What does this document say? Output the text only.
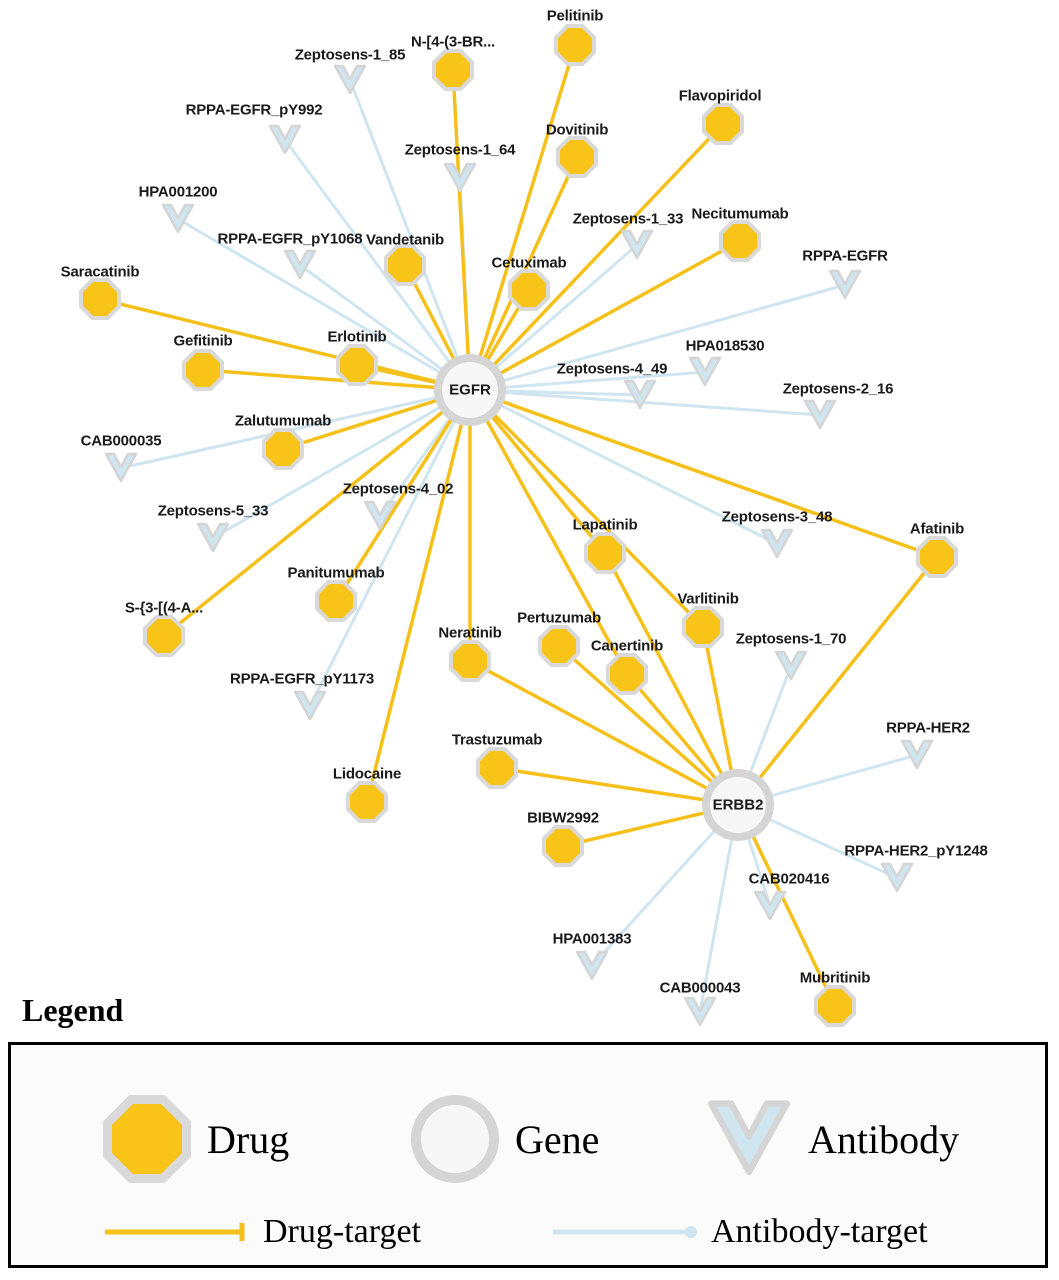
Zeptosens-1_85
RPPA-EGFR_pY992
Zeptosens-1_64
HPA001200
Zeptosens-1_33
RPPA-EGFR_pY1068
RPPA-EGFR
HPA018530
Zeptosens-4_49
Zeptosens-2_16
CAB000035
Zeptosens-4_02
Zeptosens-5_33	Zeptosens-3_48
Zeptosens-1_70
RPPA-EGFR_pY1173
RPPA-HER2
RPPA-HER2_pY1248
CAB020416
HPA001383
CAB000043
Pelitinib
N-[4-(3-BR...
Flavopiridol
Dovitinib
Necitumumab
Vandetanib
Cetuximab
Saracatinib
Erlotinib
Gefitinib
Zalutumumab
Lapatinib	Afatinib
Panitumumab
Varlitinib
S-{3-[(4-A...
Pertuzumab
Neratinib
Canertinib
Trastuzumab
Lidocaine
BIBW2992
Mubritinib
EGFR
ERBB2
Legend
Drug	Gene	Antibody
Drug-target	Antibody-target
